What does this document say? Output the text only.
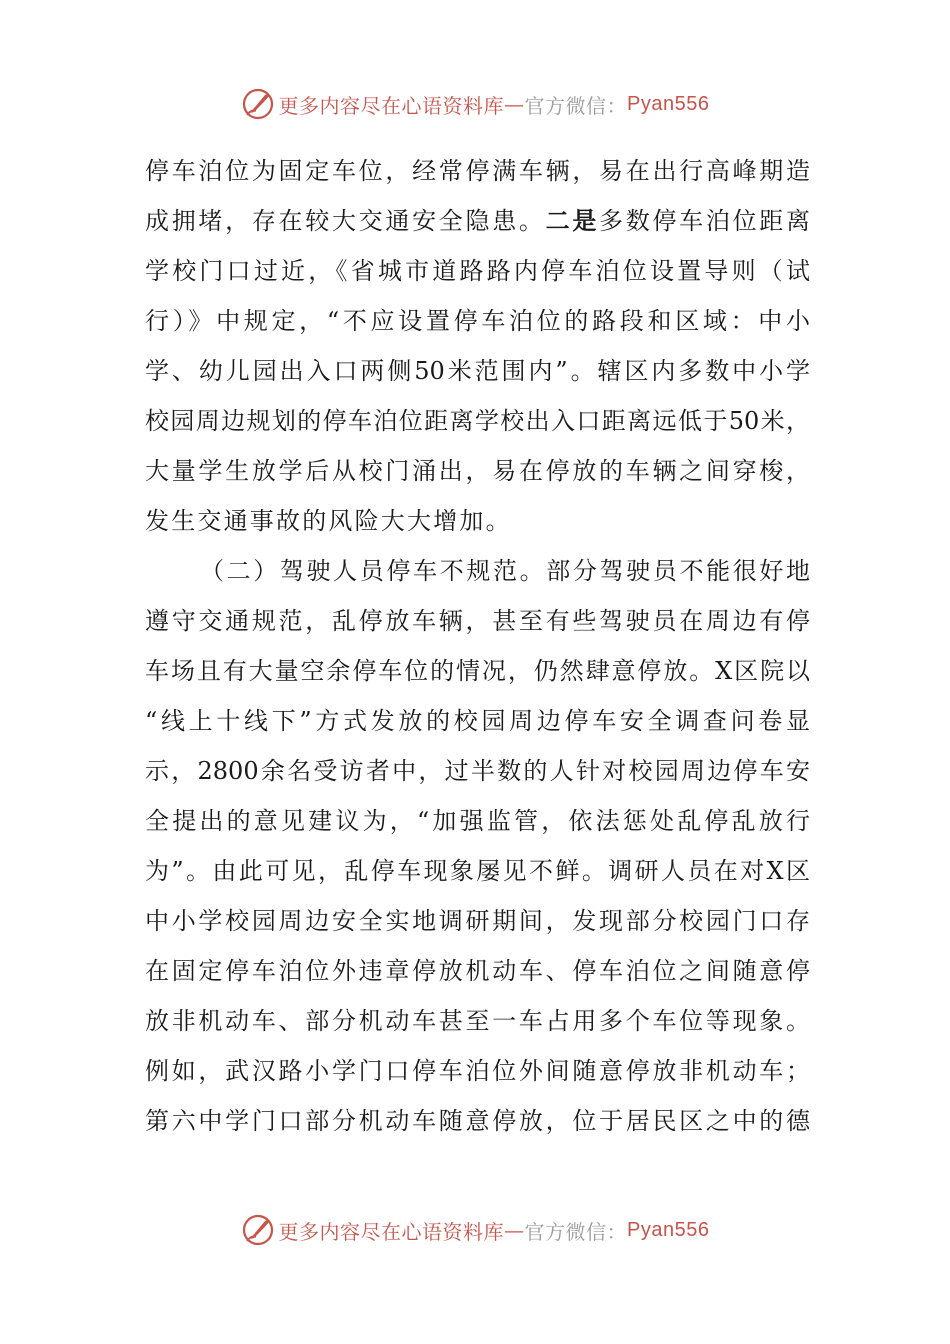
更多内容尽在心语资料库 — 官方微信： Pyan556
停车泊位为固定车位，经常停满车辆，易在出行高峰期造
成拥堵，存在较大交通安全隐患。二是多数停车泊位距离
学校门口过近，《省城市道路路内停车泊位设置导则（试
行）》中规定，“不应设置停车泊位的路段和区域：中小
学、幼儿园出入口两侧50米范围内”。辖区内多数中小学
校园周边规划的停车泊位距离学校出入口距离远低于50米，
大量学生放学后从校门涌出，易在停放的车辆之间穿梭，
发生交通事故的风险大大增加。
（二）驾驶人员停车不规范。部分驾驶员不能很好地
遵守交通规范，乱停放车辆，甚至有些驾驶员在周边有停
车场且有大量空余停车位的情况，仍然肆意停放。X区院以
“线上十线下”方式发放的校园周边停车安全调查问卷显
示，2800余名受访者中，过半数的人针对校园周边停车安
全提出的意见建议为，“加强监管，依法惩处乱停乱放行
为”。由此可见，乱停车现象屡见不鲜。调研人员在对X区
中小学校园周边安全实地调研期间，发现部分校园门口存
在固定停车泊位外违章停放机动车、停车泊位之间随意停
放非机动车、部分机动车甚至一车占用多个车位等现象。
例如，武汉路小学门口停车泊位外间随意停放非机动车；
第六中学门口部分机动车随意停放，位于居民区之中的德
更多内容尽在心语资料库 — 官方微信： Pyan556
